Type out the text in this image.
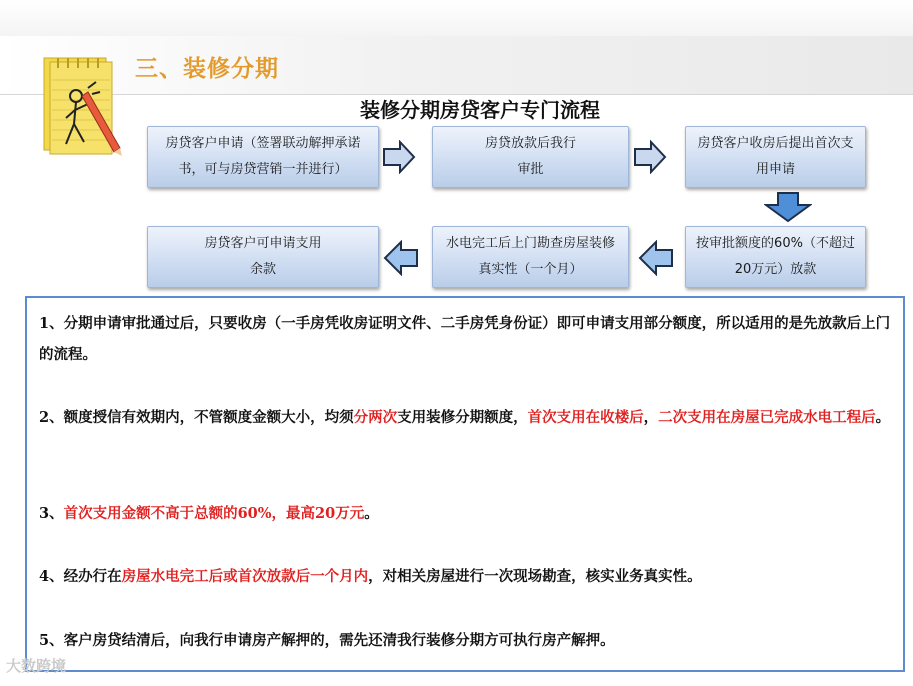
三、装修分期
装修分期房贷客户专门流程
房贷客户申请（签署联动解押承诺书，可与房贷营销一并进行）
房贷放款后我行审批
房贷客户收房后提出首次支用申请
按审批额度的60%（不超过20万元）放款
水电完工后上门勘查房屋装修真实性（一个月）
房贷客户可申请支用余款

1、分期申请审批通过后，只要收房（一手房凭收房证明文件、二手房凭身份证）即可申请支用部分额度，所以适用的是先放款后上门的流程。

2、额度授信有效期内，不管额度金额大小，均须分两次支用装修分期额度，首次支用在收楼后，二次支用在房屋已完成水电工程后。

3、首次支用金额不高于总额的60%，最高20万元。

4、经办行在房屋水电完工后或首次放款后一个月内，对相关房屋进行一次现场勘查，核实业务真实性。

5、客户房贷结清后，向我行申请房产解押的，需先还清我行装修分期方可执行房产解押。

大数跨境
